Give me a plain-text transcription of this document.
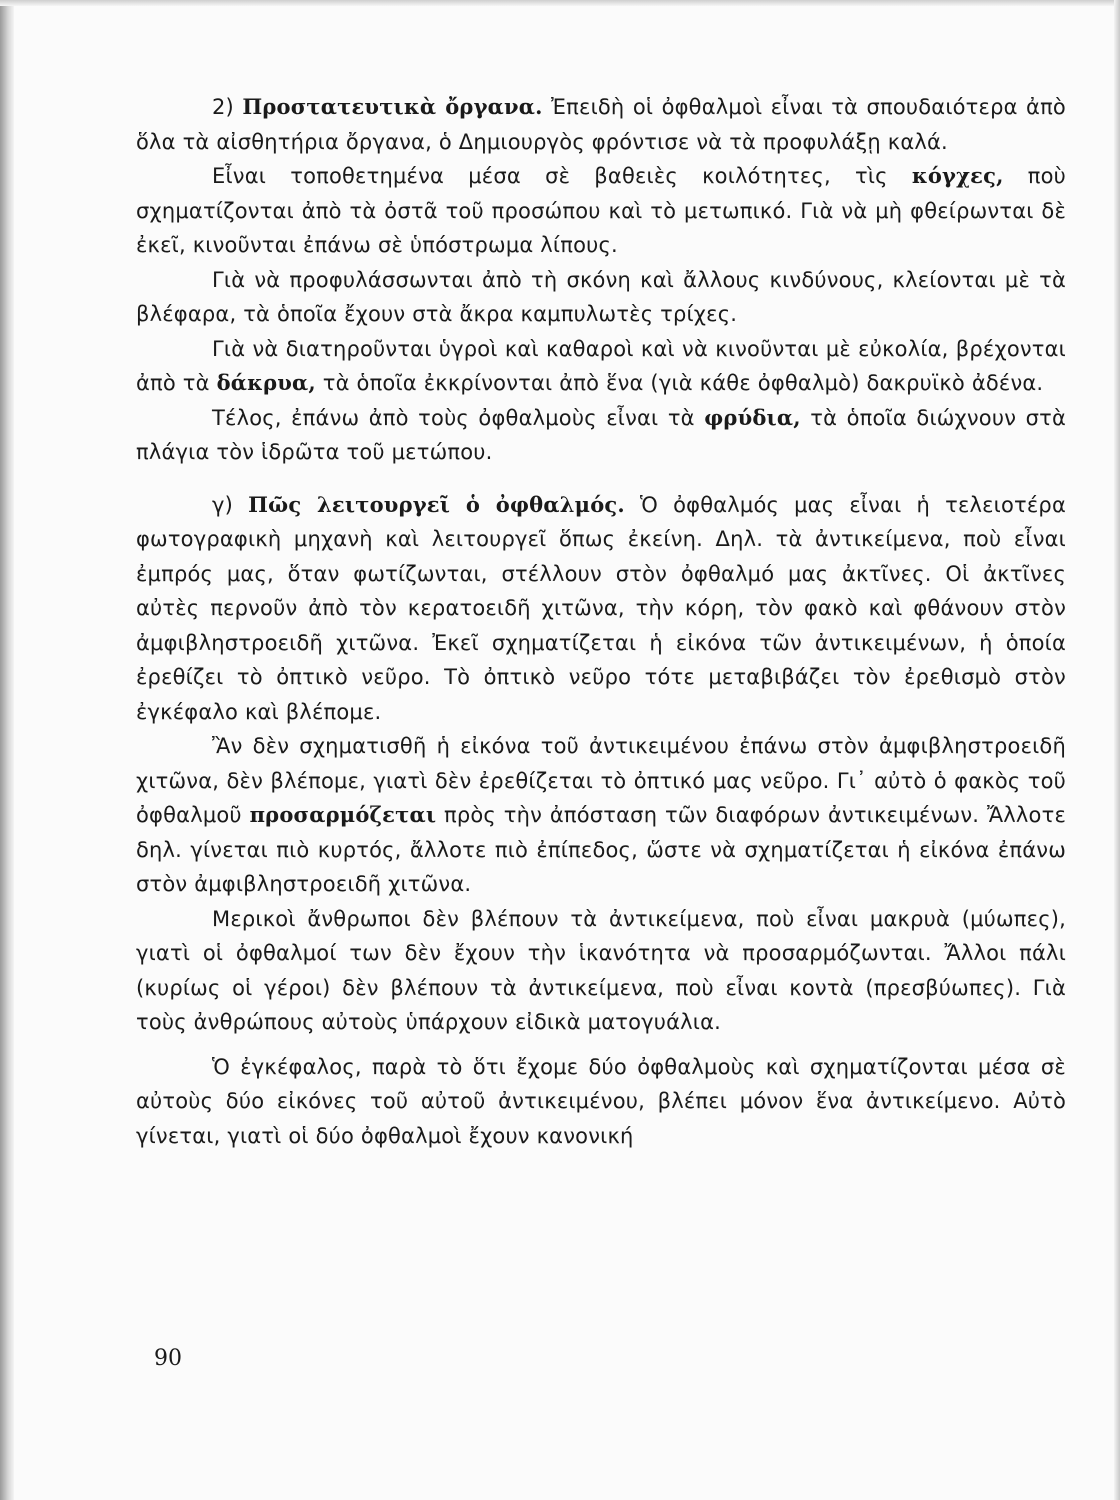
2) Προστατευτικὰ ὄργανα. Ἐπειδὴ οἱ ὀφθαλμοὶ εἶναι τὰ σπουδαιότερα ἀπὸ ὅλα τὰ αἰσθητήρια ὄργανα, ὁ Δημιουργὸς φρόντισε νὰ τὰ προφυλάξῃ καλά.

Εἶναι τοποθετημένα μέσα σὲ βαθειὲς κοιλότητες, τὶς κόγχες, ποὺ σχηματίζονται ἀπὸ τὰ ὀστᾶ τοῦ προσώπου καὶ τὸ μετωπικό. Γιὰ νὰ μὴ φθείρωνται δὲ ἐκεῖ, κινοῦνται ἐπάνω σὲ ὑπόστρωμα λίπους.

Γιὰ νὰ προφυλάσσωνται ἀπὸ τὴ σκόνη καὶ ἄλλους κινδύνους, κλείονται μὲ τὰ βλέφαρα, τὰ ὁποῖα ἔχουν στὰ ἄκρα καμπυλωτὲς τρίχες.

Γιὰ νὰ διατηροῦνται ὑγροὶ καὶ καθαροὶ καὶ νὰ κινοῦνται μὲ εὐκολία, βρέχονται ἀπὸ τὰ δάκρυα, τὰ ὁποῖα ἐκκρίνονται ἀπὸ ἕνα (γιὰ κάθε ὀφθαλμὸ) δακρυϊκὸ ἀδένα.

Τέλος, ἐπάνω ἀπὸ τοὺς ὀφθαλμοὺς εἶναι τὰ φρύδια, τὰ ὁποῖα διώχνουν στὰ πλάγια τὸν ἱδρῶτα τοῦ μετώπου.

γ) Πῶς λειτουργεῖ ὁ ὀφθαλμός. Ὁ ὀφθαλμός μας εἶναι ἡ τελειοτέρα φωτογραφικὴ μηχανὴ καὶ λειτουργεῖ ὅπως ἐκείνη. Δηλ. τὰ ἀντικείμενα, ποὺ εἶναι ἐμπρός μας, ὅταν φωτίζωνται, στέλλουν στὸν ὀφθαλμό μας ἀκτῖνες. Οἱ ἀκτῖνες αὐτὲς περνοῦν ἀπὸ τὸν κερατοειδῆ χιτῶνα, τὴν κόρη, τὸν φακὸ καὶ φθάνουν στὸν ἀμφιβληστροειδῆ χιτῶνα. Ἐκεῖ σχηματίζεται ἡ εἰκόνα τῶν ἀντικειμένων, ἡ ὁποία ἐρεθίζει τὸ ὀπτικὸ νεῦρο. Τὸ ὀπτικὸ νεῦρο τότε μεταβιβάζει τὸν ἐρεθισμὸ στὸν ἐγκέφαλο καὶ βλέπομε.

Ἂν δὲν σχηματισθῆ ἡ εἰκόνα τοῦ ἀντικειμένου ἐπάνω στὸν ἀμφιβληστροειδῆ χιτῶνα, δὲν βλέπομε, γιατὶ δὲν ἐρεθίζεται τὸ ὀπτικό μας νεῦρο. Γι᾿ αὐτὸ ὁ φακὸς τοῦ ὀφθαλμοῦ προσαρμόζεται πρὸς τὴν ἀπόσταση τῶν διαφόρων ἀντικειμένων. Ἄλλοτε δηλ. γίνεται πιὸ κυρτός, ἄλλοτε πιὸ ἐπίπεδος, ὥστε νὰ σχηματίζεται ἡ εἰκόνα ἐπάνω στὸν ἀμφιβληστροειδῆ χιτῶνα.

Μερικοὶ ἄνθρωποι δὲν βλέπουν τὰ ἀντικείμενα, ποὺ εἶναι μακρυὰ (μύωπες), γιατὶ οἱ ὀφθαλμοί των δὲν ἔχουν τὴν ἱκανότητα νὰ προσαρμόζωνται. Ἄλλοι πάλι (κυρίως οἱ γέροι) δὲν βλέπουν τὰ ἀντικείμενα, ποὺ εἶναι κοντὰ (πρεσβύωπες). Γιὰ τοὺς ἀνθρώπους αὐτοὺς ὑπάρχουν εἰδικὰ ματογυάλια.

Ὁ ἐγκέφαλος, παρὰ τὸ ὅτι ἔχομε δύο ὀφθαλμοὺς καὶ σχηματίζονται μέσα σὲ αὐτοὺς δύο εἰκόνες τοῦ αὐτοῦ ἀντικειμένου, βλέπει μόνον ἕνα ἀντικείμενο. Αὐτὸ γίνεται, γιατὶ οἱ δύο ὀφθαλμοὶ ἔχουν κανονική

90
